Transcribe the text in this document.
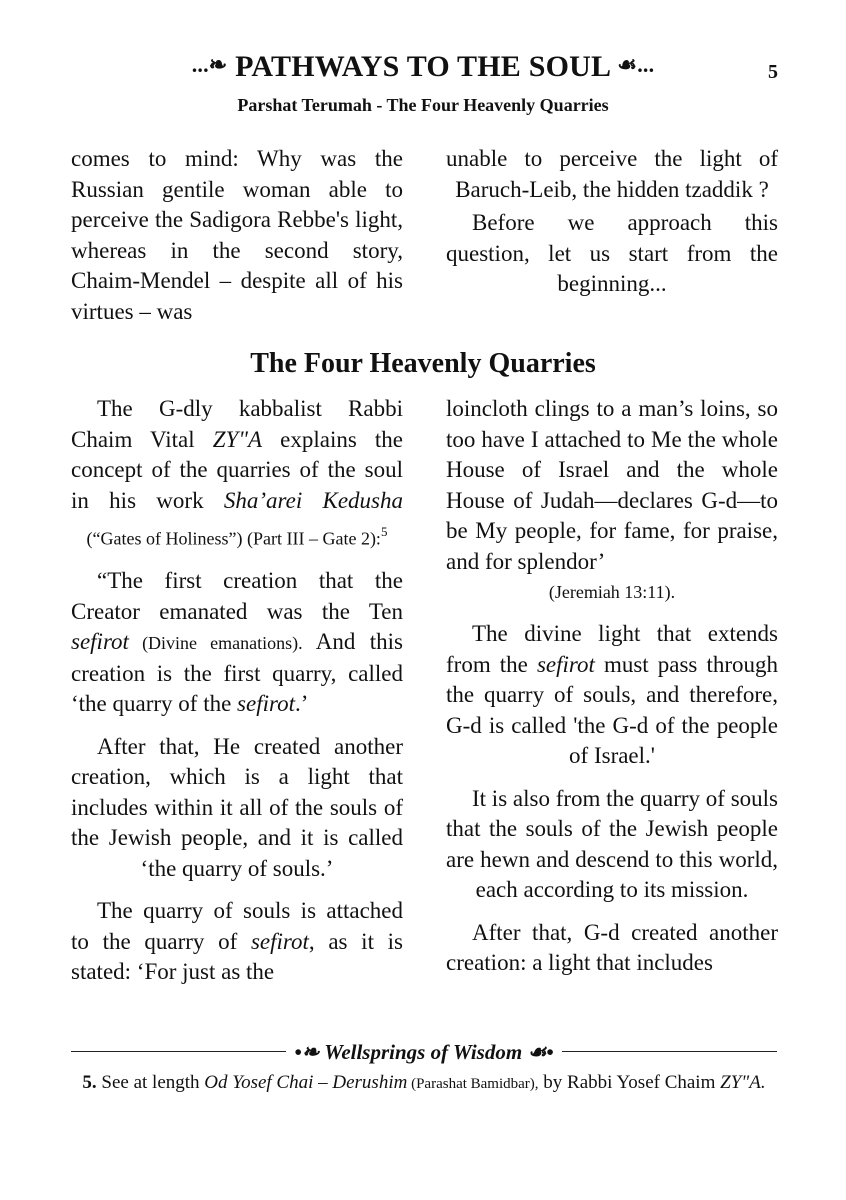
...❧ PATHWAYS TO THE SOUL ☙...	5
Parshat Terumah - The Four Heavenly Quarries

comes to mind: Why was the Russian gentile woman able to perceive the Sadigora Rebbe's light, whereas in the second story, Chaim-Mendel – despite all of his virtues – was

unable to perceive the light of Baruch-Leib, the hidden tzaddik ?

Before we approach this question, let us start from the beginning...

The Four Heavenly Quarries

The G-dly kabbalist Rabbi Chaim Vital ZY"A explains the concept of the quarries of the soul in his work Sha’arei Kedusha (“Gates of Holiness”) (Part III – Gate 2):$^5$

“The first creation that the Creator emanated was the Ten sefirot (Divine emanations). And this creation is the first quarry, called ‘the quarry of the sefirot.’

After that, He created another creation, which is a light that includes within it all of the souls of the Jewish people, and it is called ‘the quarry of souls.’

The quarry of souls is attached to the quarry of sefirot, as it is stated: ‘For just as the

loincloth clings to a man’s loins, so too have I attached to Me the whole House of Israel and the whole House of Judah—declares G-d—to be My people, for fame, for praise, and for splendor’

(Jeremiah 13:11).

The divine light that extends from the sefirot must pass through the quarry of souls, and therefore, G-d is called 'the G-d of the people of Israel.'

It is also from the quarry of souls that the souls of the Jewish people are hewn and descend to this world, each according to its mission.

After that, G-d created another creation: a light that includes

•❧ Wellsprings of Wisdom ☙•
5. See at length Od Yosef Chai – Derushim (Parashat Bamidbar), by Rabbi Yosef Chaim ZY"A.
